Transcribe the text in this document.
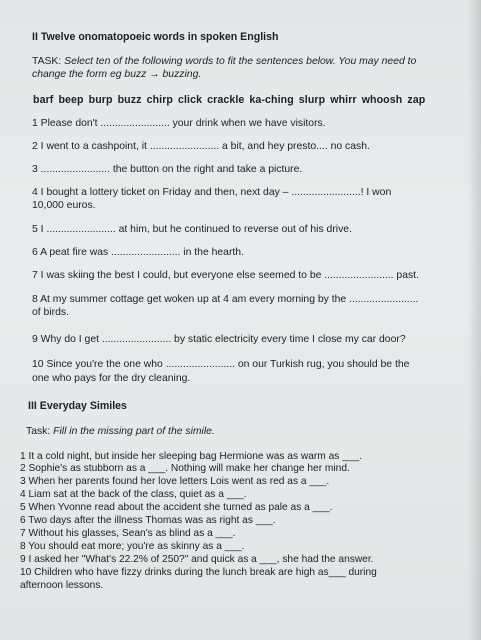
II Twelve onomatopoeic words in spoken English
TASK: Select ten of the following words to fit the sentences below. You may need to
change the form eg buzz → buzzing.
barf beep burp buzz chirp click crackle ka-ching slurp whirr whoosh zap
1 Please don't ........................ your drink when we have visitors.
2 I went to a cashpoint, it ........................ a bit, and hey presto.... no cash.
3 ........................ the button on the right and take a picture.
4 I bought a lottery ticket on Friday and then, next day – ........................! I won
10,000 euros.
5 I ........................ at him, but he continued to reverse out of his drive.
6 A peat fire was ........................ in the hearth.
7 I was skiing the best I could, but everyone else seemed to be ........................ past.
8 At my summer cottage get woken up at 4 am every morning by the ........................
of birds.
9 Why do I get ........................ by static electricity every time I close my car door?
10 Since you're the one who ........................ on our Turkish rug, you should be the
one who pays for the dry cleaning.
III Everyday Similes
Task: Fill in the missing part of the simile.
1 It a cold night, but inside her sleeping bag Hermione was as warm as ___.
2 Sophie's as stubborn as a ___. Nothing will make her change her mind.
3 When her parents found her love letters Lois went as red as a ___.
4 Liam sat at the back of the class, quiet as a ___.
5 When Yvonne read about the accident she turned as pale as a ___.
6 Two days after the illness Thomas was as right as ___.
7 Without his glasses, Sean's as blind as a ___.
8 You should eat more; you're as skinny as a ___.
9 I asked her "What's 22.2% of 250?" and quick as a ___, she had the answer.
10 Children who have fizzy drinks during the lunch break are high as___ during
afternoon lessons.
